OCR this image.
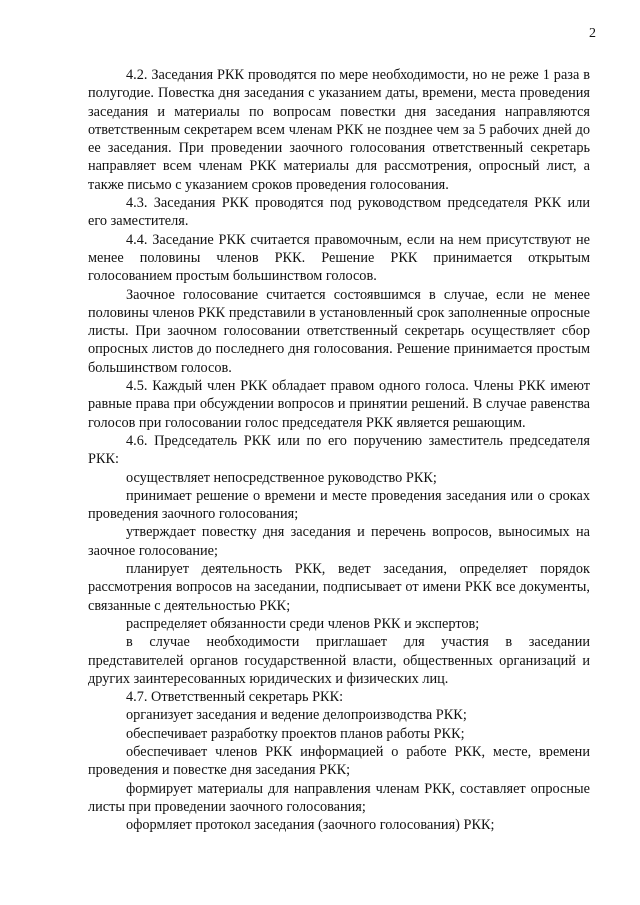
2

4.2. Заседания РКК проводятся по мере необходимости, но не реже 1 раза в полугодие. Повестка дня заседания с указанием даты, времени, места проведения заседания и материалы по вопросам повестки дня заседания направляются ответственным секретарем всем членам РКК не позднее чем за 5 рабочих дней до ее заседания. При проведении заочного голосования ответственный секретарь направляет всем членам РКК материалы для рассмотрения, опросный лист, а также письмо с указанием сроков проведения голосования.

4.3. Заседания РКК проводятся под руководством председателя РКК или его заместителя.

4.4. Заседание РКК считается правомочным, если на нем присутствуют не менее половины членов РКК. Решение РКК принимается открытым голосованием простым большинством голосов.

Заочное голосование считается состоявшимся в случае, если не менее половины членов РКК представили в установленный срок заполненные опросные листы. При заочном голосовании ответственный секретарь осуществляет сбор опросных листов до последнего дня голосования. Решение принимается простым большинством голосов.

4.5. Каждый член РКК обладает правом одного голоса. Члены РКК имеют равные права при обсуждении вопросов и принятии решений. В случае равенства голосов при голосовании голос председателя РКК является решающим.

4.6. Председатель РКК или по его поручению заместитель председателя РКК:

осуществляет непосредственное руководство РКК;

принимает решение о времени и месте проведения заседания или о сроках проведения заочного голосования;

утверждает повестку дня заседания и перечень вопросов, выносимых на заочное голосование;

планирует деятельность РКК, ведет заседания, определяет порядок рассмотрения вопросов на заседании, подписывает от имени РКК все документы, связанные с деятельностью РКК;

распределяет обязанности среди членов РКК и экспертов;

в случае необходимости приглашает для участия в заседании представителей органов государственной власти, общественных организаций и других заинтересованных юридических и физических лиц.

4.7. Ответственный секретарь РКК:

организует заседания и ведение делопроизводства РКК;

обеспечивает разработку проектов планов работы РКК;

обеспечивает членов РКК информацией о работе РКК, месте, времени проведения и повестке дня заседания РКК;

формирует материалы для направления членам РКК, составляет опросные листы при проведении заочного голосования;

оформляет протокол заседания (заочного голосования) РКК;
